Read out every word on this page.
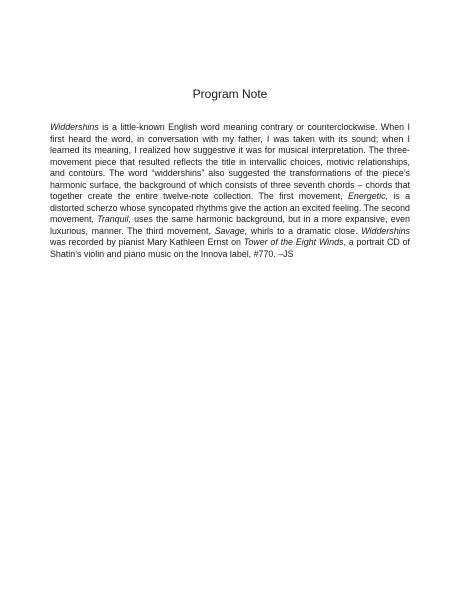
Program Note

Widdershins is a little-known English word meaning contrary or counterclockwise. When I first heard the word, in conversation with my father, I was taken with its sound; when I learned its meaning, I realized how suggestive it was for musical interpretation. The three-movement piece that resulted reflects the title in intervallic choices, motivic relationships, and contours. The word “widdershins” also suggested the transformations of the piece’s harmonic surface, the background of which consists of three seventh chords – chords that together create the entire twelve-note collection. The first movement, Energetic, is a distorted scherzo whose syncopated rhythms give the action an excited feeling. The second movement, Tranquil, uses the same harmonic background, but in a more expansive, even luxurious, manner. The third movement, Savage, whirls to a dramatic close. Widdershins was recorded by pianist Mary Kathleen Ernst on Tower of the Eight Winds, a portrait CD of Shatin’s violin and piano music on the Innova label, #770. –JS
